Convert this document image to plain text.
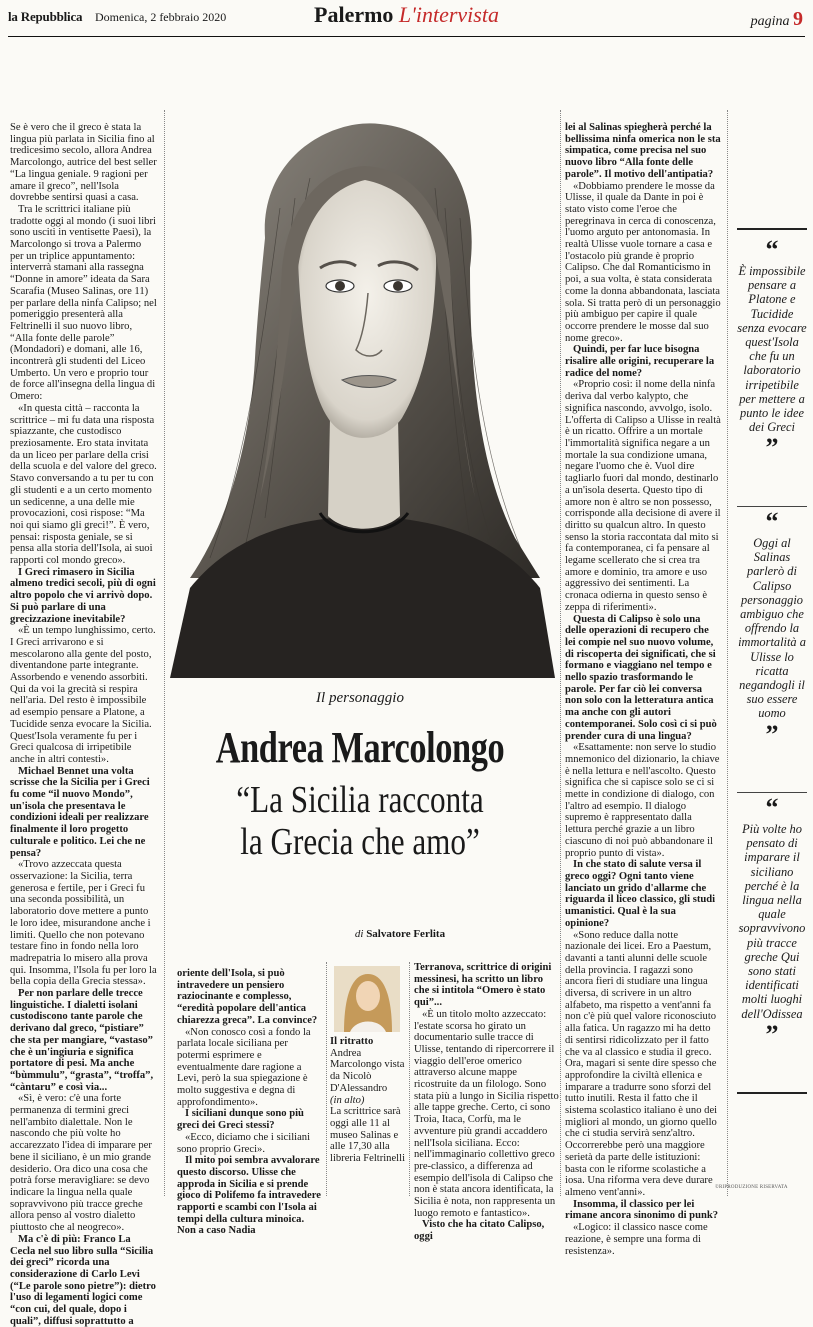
la Repubblica Domenica, 2 febbraio 2020	Palermo L'intervista	pagina 9

Se è vero che il greco è stata la lingua più parlata in Sicilia fino al tredicesimo secolo, allora Andrea Marcolongo, autrice del best seller “La lingua geniale. 9 ragioni per amare il greco”, nell'Isola dovrebbe sentirsi quasi a casa.

Tra le scrittrici italiane più tradotte oggi al mondo (i suoi libri sono usciti in ventisette Paesi), la Marcolongo si trova a Palermo per un triplice appuntamento: interverrà stamani alla rassegna “Donne in amore” ideata da Sara Scarafia (Museo Salinas, ore 11) per parlare della ninfa Calipso; nel pomeriggio presenterà alla Feltrinelli il suo nuovo libro, “Alla fonte delle parole” (Mondadori) e domani, alle 16, incontrerà gli studenti del Liceo Umberto. Un vero e proprio tour de force all'insegna della lingua di Omero:

«In questa città – racconta la scrittrice – mi fu data una risposta spiazzante, che custodisco preziosamente. Ero stata invitata da un liceo per parlare della crisi della scuola e del valore del greco. Stavo conversando a tu per tu con gli studenti e a un certo momento un sedicenne, a una delle mie provocazioni, così rispose: “Ma noi qui siamo gli greci!”. È vero, pensai: risposta geniale, se si pensa alla storia dell'Isola, ai suoi rapporti col mondo greco».

I Greci rimasero in Sicilia almeno tredici secoli, più di ogni altro popolo che vi arrivò dopo. Si può parlare di una grecizzazione inevitabile?

«È un tempo lunghissimo, certo. I Greci arrivarono e si mescolarono alla gente del posto, diventandone parte integrante. Assorbendo e venendo assorbiti. Qui da voi la grecità si respira nell'aria. Del resto è impossibile ad esempio pensare a Platone, a Tucidide senza evocare la Sicilia. Quest'Isola veramente fu per i Greci qualcosa di irripetibile anche in altri contesti».

Michael Bennet una volta scrisse che la Sicilia per i Greci fu come “il nuovo Mondo”, un'isola che presentava le condizioni ideali per realizzare finalmente il loro progetto culturale e politico. Lei che ne pensa?

«Trovo azzeccata questa osservazione: la Sicilia, terra generosa e fertile, per i Greci fu una seconda possibilità, un laboratorio dove mettere a punto le loro idee, misurandone anche i limiti. Quello che non potevano testare fino in fondo nella loro madrepatria lo misero alla prova qui. Insomma, l'Isola fu per loro la bella copia della Grecia stessa».

Per non parlare delle trecce linguistiche. I dialetti isolani custodiscono tante parole che derivano dal greco, “pistiare” che sta per mangiare, “vastaso” che è un'ingiuria e significa portatore di pesi. Ma anche “bùmmulu”, “grasta”, “troffa”, “càntaru” e così via...

«Sì, è vero: c'è una forte permanenza di termini greci nell'ambito dialettale. Non le nascondo che più volte ho accarezzato l'idea di imparare per bene il siciliano, è un mio grande desiderio. Ora dico una cosa che potrà forse meravigliare: se devo indicare la lingua nella quale sopravvivono più tracce greche allora penso al vostro dialetto piuttosto che al neogreco».

Ma c'è di più: Franco La Cecla nel suo libro sulla “Sicilia dei greci” ricorda una considerazione di Carlo Levi (“Le parole sono pietre”): dietro l'uso di legamenti logici come “con cui, del quale, dopo i quali”, diffusi soprattutto a

Il personaggio
Andrea Marcolongo
“La Sicilia racconta
la Grecia che amo”
di Salvatore Ferlita

oriente dell'Isola, si può intravedere un pensiero raziocinante e complesso, “eredità popolare dell'antica chiarezza greca”. La convince?

«Non conosco così a fondo la parlata locale siciliana per potermi esprimere e eventualmente dare ragione a Levi, però la sua spiegazione è molto suggestiva e degna di approfondimento».

I siciliani dunque sono più greci dei Greci stessi?

«Ecco, diciamo che i siciliani sono proprio Greci».

Il mito poi sembra avvalorare questo discorso. Ulisse che approda in Sicilia e si prende gioco di Polifemo fa intravedere rapporti e scambi con l'Isola ai tempi della cultura minoica. Non a caso Nadia

Il ritratto
Andrea Marcolongo vista da Nicolò D'Alessandro
(in alto)
La scrittrice sarà oggi alle 11 al museo Salinas e alle 17,30 alla libreria Feltrinelli

Terranova, scrittrice di origini messinesi, ha scritto un libro che si intitola “Omero è stato qui”...

«È un titolo molto azzeccato: l'estate scorsa ho girato un documentario sulle tracce di Ulisse, tentando di ripercorrere il viaggio dell'eroe omerico attraverso alcune mappe ricostruite da un filologo. Sono stata più a lungo in Sicilia rispetto alle tappe greche. Certo, ci sono Troia, Itaca, Corfù, ma le avventure più grandi accaddero nell'Isola siciliana. Ecco: nell'immaginario collettivo greco pre-classico, a differenza ad esempio dell'isola di Calipso che non è stata ancora identificata, la Sicilia è nota, non rappresenta un luogo remoto e fantastico».

Visto che ha citato Calipso, oggi

lei al Salinas spiegherà perché la bellissima ninfa omerica non le sta simpatica, come precisa nel suo nuovo libro “Alla fonte delle parole”. Il motivo dell'antipatia?

«Dobbiamo prendere le mosse da Ulisse, il quale da Dante in poi è stato visto come l'eroe che peregrinava in cerca di conoscenza, l'uomo arguto per antonomasia. In realtà Ulisse vuole tornare a casa e l'ostacolo più grande è proprio Calipso. Che dal Romanticismo in poi, a sua volta, è stata considerata come la donna abbandonata, lasciata sola. Si tratta però di un personaggio più ambiguo per capire il quale occorre prendere le mosse dal suo nome greco».

Quindi, per far luce bisogna risalire alle origini, recuperare la radice del nome?

«Proprio così: il nome della ninfa deriva dal verbo kalypto, che significa nascondo, avvolgo, isolo. L'offerta di Calipso a Ulisse in realtà è un ricatto. Offrire a un mortale l'immortalità significa negare a un mortale la sua condizione umana, negare l'uomo che è. Vuol dire tagliarlo fuori dal mondo, destinarlo a un'isola deserta. Questo tipo di amore non è altro se non possesso, corrisponde alla decisione di avere il diritto su qualcun altro. In questo senso la storia raccontata dal mito si fa contemporanea, ci fa pensare al legame scellerato che si crea tra amore e dominio, tra amore e uso aggressivo dei sentimenti. La cronaca odierna in questo senso è zeppa di riferimenti».

Questa di Calipso è solo una delle operazioni di recupero che lei compie nel suo nuovo volume, di riscoperta dei significati, che si formano e viaggiano nel tempo e nello spazio trasformando le parole. Per far ciò lei conversa non solo con la letteratura antica ma anche con gli autori contemporanei. Solo così ci si può prender cura di una lingua?

«Esattamente: non serve lo studio mnemonico del dizionario, la chiave è nella lettura e nell'ascolto. Questo significa che si capisce solo se ci si mette in condizione di dialogo, con l'altro ad esempio. Il dialogo supremo è rappresentato dalla lettura perché grazie a un libro ciascuno di noi può abbandonare il proprio punto di vista».

In che stato di salute versa il greco oggi? Ogni tanto viene lanciato un grido d'allarme che riguarda il liceo classico, gli studi umanistici. Qual è la sua opinione?

«Sono reduce dalla notte nazionale dei licei. Ero a Paestum, davanti a tanti alunni delle scuole della provincia. I ragazzi sono ancora fieri di studiare una lingua diversa, di scrivere in un altro alfabeto, ma rispetto a vent'anni fa non c'è più quel valore riconosciuto alla fatica. Un ragazzo mi ha detto di sentirsi ridicolizzato per il fatto che va al classico e studia il greco. Ora, magari si sente dire spesso che approfondire la civiltà ellenica e imparare a tradurre sono sforzi del tutto inutili. Resta il fatto che il sistema scolastico italiano è uno dei migliori al mondo, un giorno quello che ci studia servirà senz'altro. Occorrerebbe però una maggiore serietà da parte delle istituzioni: basta con le riforme scolastiche a iosa. Una riforma vera deve durare almeno vent'anni».

Insomma, il classico per lei rimane ancora sinonimo di punk?

«Logico: il classico nasce come reazione, è sempre una forma di resistenza».

“
È impossibile pensare a Platone e Tucidide senza evocare quest'Isola che fu un laboratorio irripetibile per mettere a punto le idee dei Greci
”
“
Oggi al Salinas parlerò di Calipso personaggio ambiguo che offrendo la immortalità a Ulisse lo ricatta negandogli il suo essere uomo
”
“
Più volte ho pensato di imparare il siciliano perché è la lingua nella quale sopravvivono più tracce greche Qui sono stati identificati molti luoghi dell'Odissea
”
©RIPRODUZIONE RISERVATA
